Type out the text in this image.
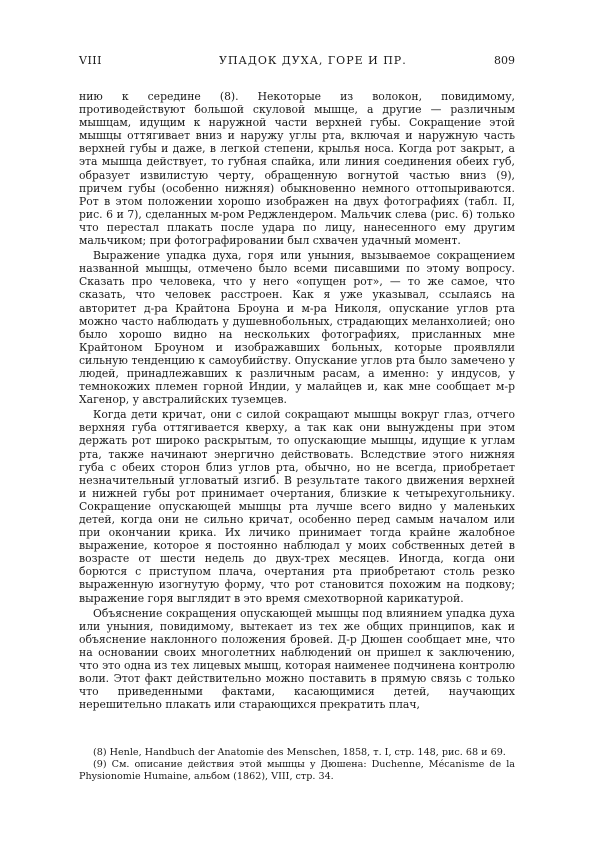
VIII	УПАДОК ДУХА, ГОРЕ И ПР.	809

нию к середине (8). Некоторые из волокон, повидимому, противодействуют большой скуловой мышце, а другие — различным мышцам, идущим к наружной части верхней губы. Сокращение этой мышцы оттягивает вниз и наружу углы рта, включая и наружную часть верхней губы и даже, в легкой степени, крылья носа. Когда рот закрыт, а эта мышца действует, то губная спайка, или линия соединения обеих губ, образует извилистую черту, обращенную вогнутой частью вниз (9), причем губы (особенно нижняя) обыкновенно немного оттопыриваются. Рот в этом положении хорошо изображен на двух фотографиях (табл. II, рис. 6 и 7), сделанных м-ром Реджлендером. Мальчик слева (рис. 6) только что перестал плакать после удара по лицу, нанесенного ему другим мальчиком; при фотографировании был схвачен удачный момент.

Выражение упадка духа, горя или уныния, вызываемое сокращением названной мышцы, отмечено было всеми писавшими по этому вопросу. Сказать про человека, что у него «опущен рот», — то же самое, что сказать, что человек расстроен. Как я уже указывал, ссылаясь на авторитет д-ра Крайтона Броуна и м-ра Николя, опускание углов рта можно часто наблюдать у душевнобольных, страдающих меланхолией; оно было хорошо видно на нескольких фотографиях, присланных мне Крайтоном Броуном и изображавших больных, которые проявляли сильную тенденцию к самоубийству. Опускание углов рта было замечено у людей, принадлежавших к различным расам, а именно: у индусов, у темнокожих племен горной Индии, у малайцев и, как мне сообщает м-р Хагенор, у австралийских туземцев.

Когда дети кричат, они с силой сокращают мышцы вокруг глаз, отчего верхняя губа оттягивается кверху, а так как они вынуждены при этом держать рот широко раскрытым, то опускающие мышцы, идущие к углам рта, также начинают энергично действовать. Вследствие этого нижняя губа с обеих сторон близ углов рта, обычно, но не всегда, приобретает незначительный угловатый изгиб. В результате такого движения верхней и нижней губы рот принимает очертания, близкие к четырехугольнику. Сокращение опускающей мышцы рта лучше всего видно у маленьких детей, когда они не сильно кричат, особенно перед самым началом или при окончании крика. Их личико принимает тогда крайне жалобное выражение, которое я постоянно наблюдал у моих собственных детей в возрасте от шести недель до двух-трех месяцев. Иногда, когда они борются с приступом плача, очертания рта приобретают столь резко выраженную изогнутую форму, что рот становится похожим на подкову; выражение горя выглядит в это время смехотворной карикатурой.

Объяснение сокращения опускающей мышцы под влиянием упадка духа или уныния, повидимому, вытекает из тех же общих принципов, как и объяснение наклонного положения бровей. Д-р Дюшен сообщает мне, что на основании своих многолетних наблюдений он пришел к заключению, что это одна из тех лицевых мышц, которая наименее подчинена контролю воли. Этот факт действительно можно поставить в прямую связь с только что приведенными фактами, касающимися детей, научающих нерешительно плакать или старающихся прекратить плач,

(8) Henle, Handbuch der Anatomie des Menschen, 1858, т. I, стр. 148, рис. 68 и 69.

(9) См. описание действия этой мышцы у Дюшена: Duchenne, Mécanisme de la Physionomie Humaine, альбом (1862), VIII, стр. 34.
